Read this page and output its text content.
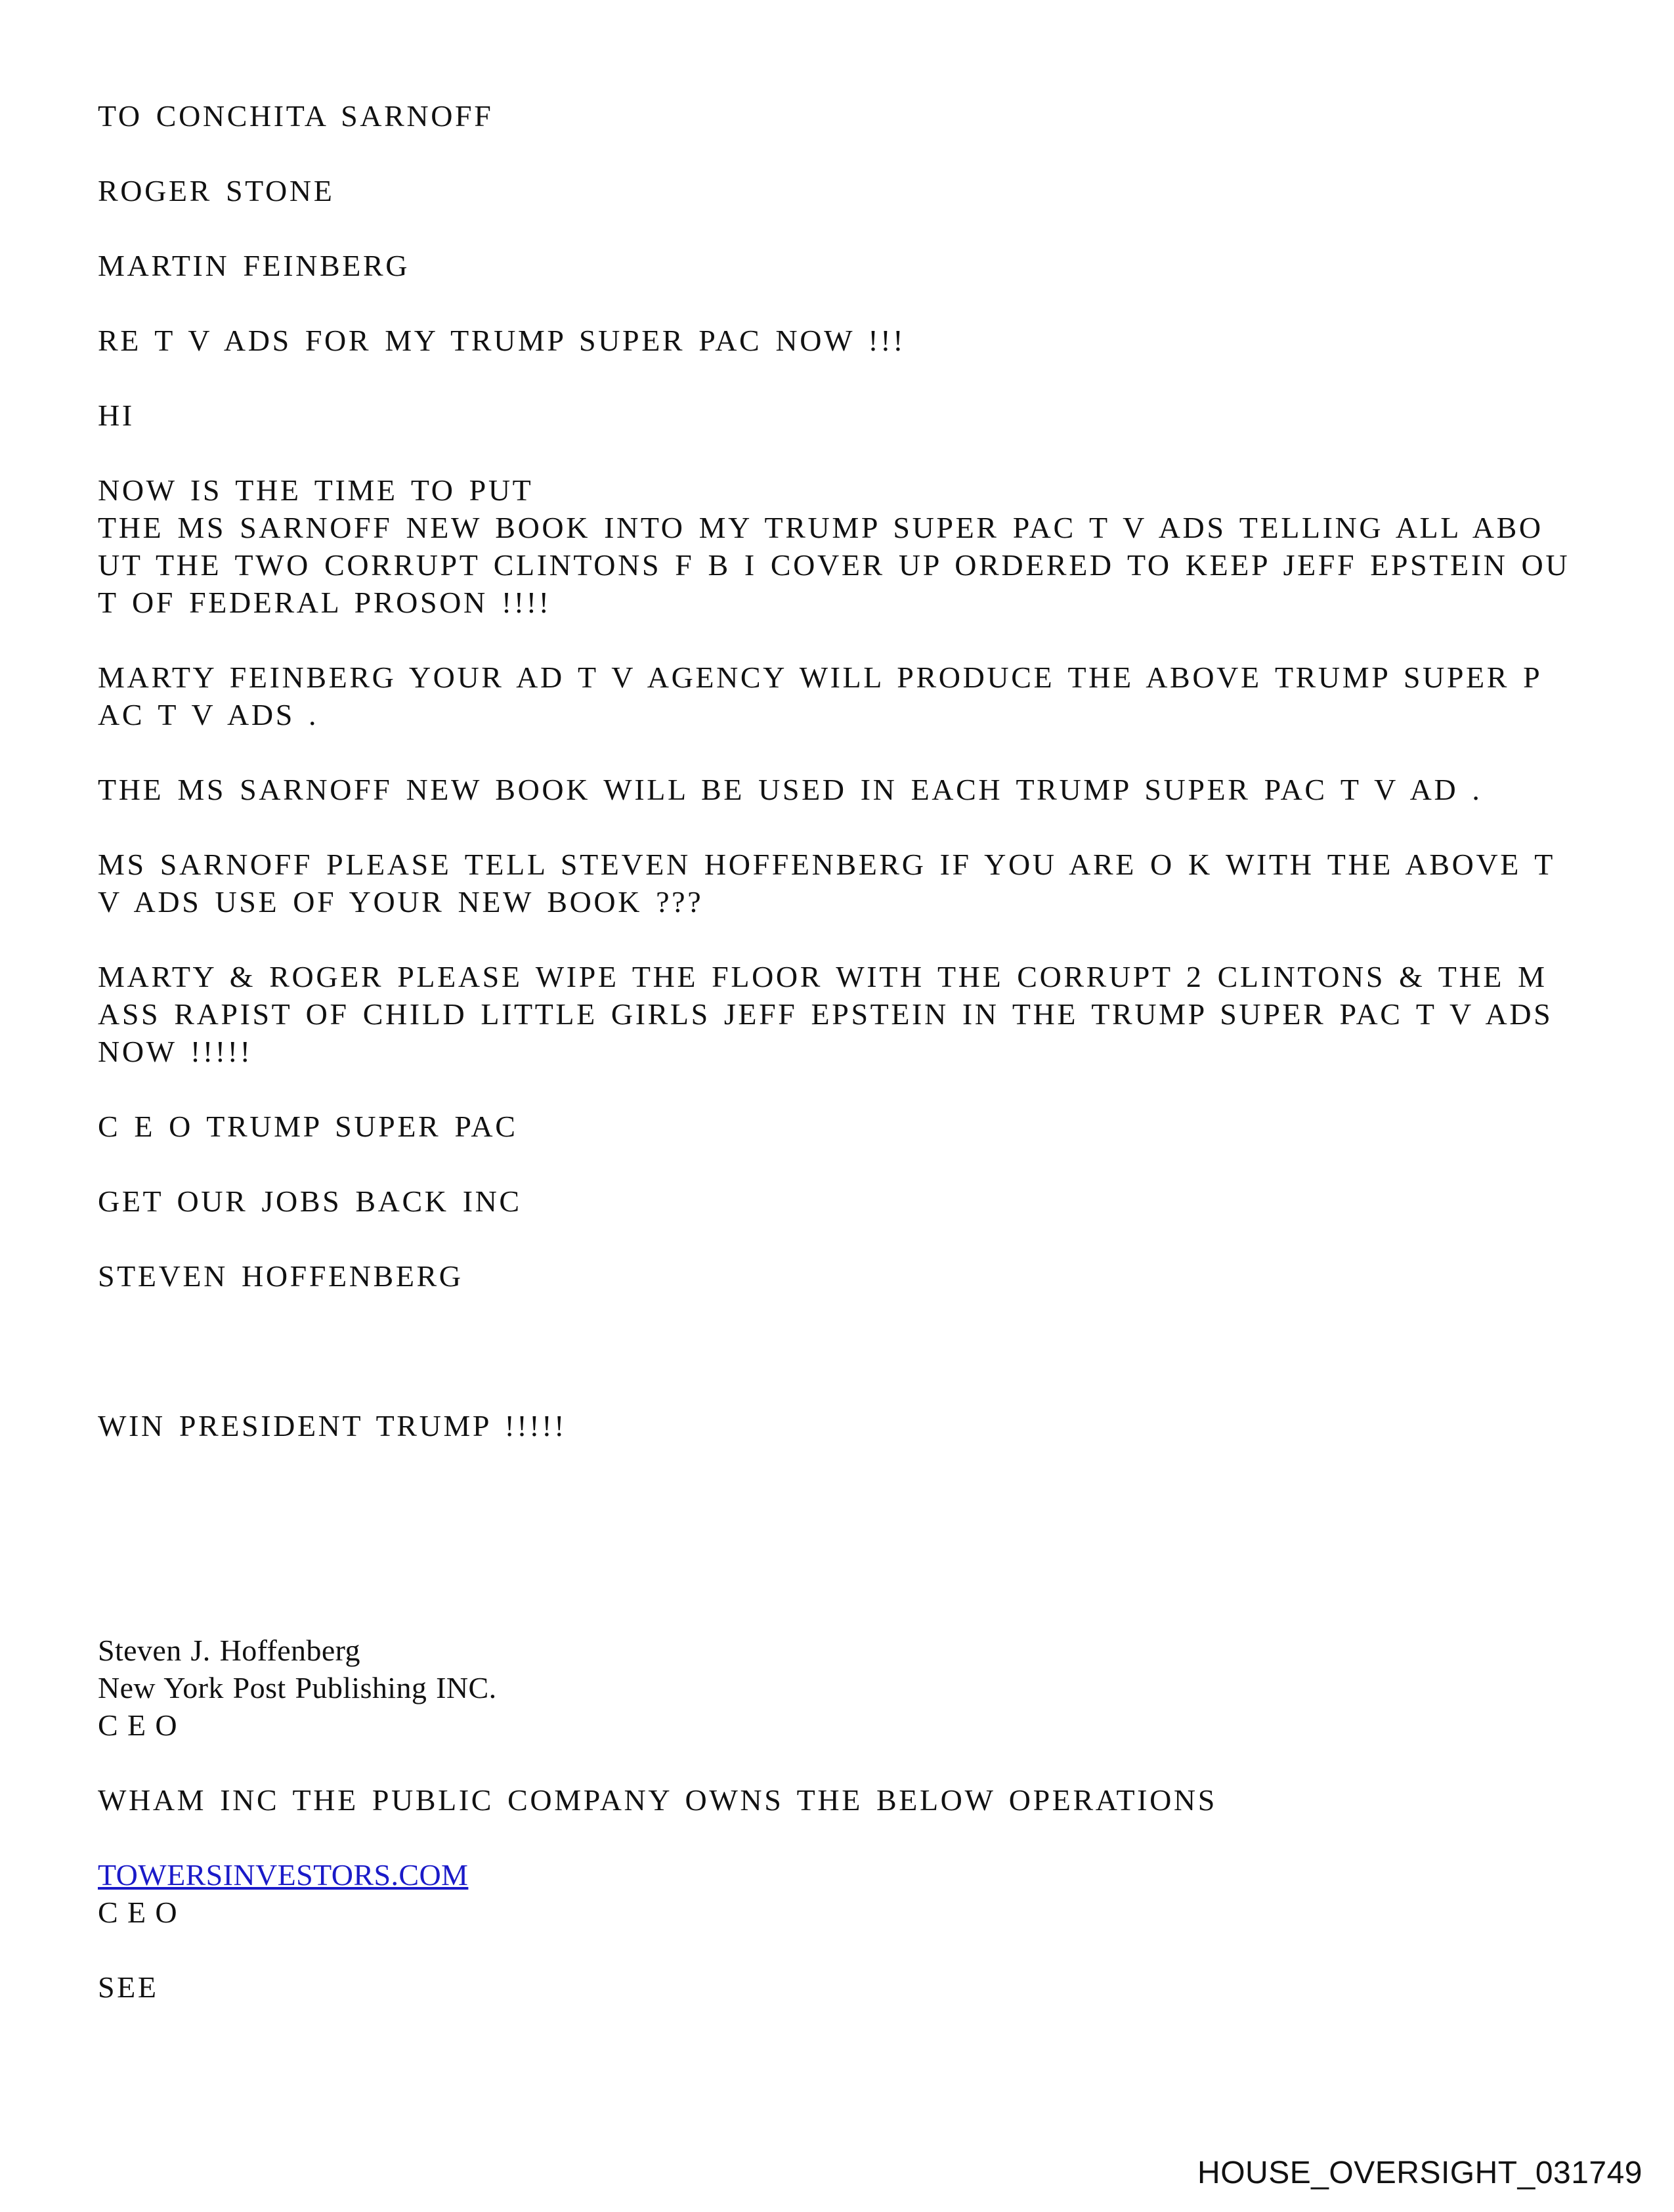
TO CONCHITA SARNOFF

ROGER STONE

MARTIN FEINBERG

RE T V ADS FOR MY TRUMP SUPER PAC NOW !!!

HI

NOW IS THE TIME TO PUT
THE MS SARNOFF NEW BOOK INTO MY TRUMP SUPER PAC T V ADS TELLING ALL ABO
UT THE TWO CORRUPT CLINTONS F B I COVER UP ORDERED TO KEEP JEFF EPSTEIN OU
T OF FEDERAL PROSON !!!!
MARTY FEINBERG YOUR AD T V AGENCY WILL PRODUCE THE ABOVE TRUMP SUPER P
AC T V ADS .
THE MS SARNOFF NEW BOOK WILL BE USED IN EACH TRUMP SUPER PAC T V AD .
MS SARNOFF PLEASE TELL STEVEN HOFFENBERG IF YOU ARE O K WITH THE ABOVE T
V ADS USE OF YOUR NEW BOOK ???
MARTY & ROGER PLEASE WIPE THE FLOOR WITH THE CORRUPT 2 CLINTONS & THE M
ASS RAPIST OF CHILD LITTLE GIRLS JEFF EPSTEIN IN THE TRUMP SUPER PAC T V ADS
NOW !!!!!

C E O TRUMP SUPER PAC

GET OUR JOBS BACK INC

STEVEN HOFFENBERG

WIN PRESIDENT TRUMP !!!!!

Steven J. Hoffenberg
New York Post Publishing INC.
C E O

WHAM INC THE PUBLIC COMPANY OWNS THE BELOW OPERATIONS

TOWERSINVESTORS.COM
C E O

SEE

HOUSE_OVERSIGHT_031749
